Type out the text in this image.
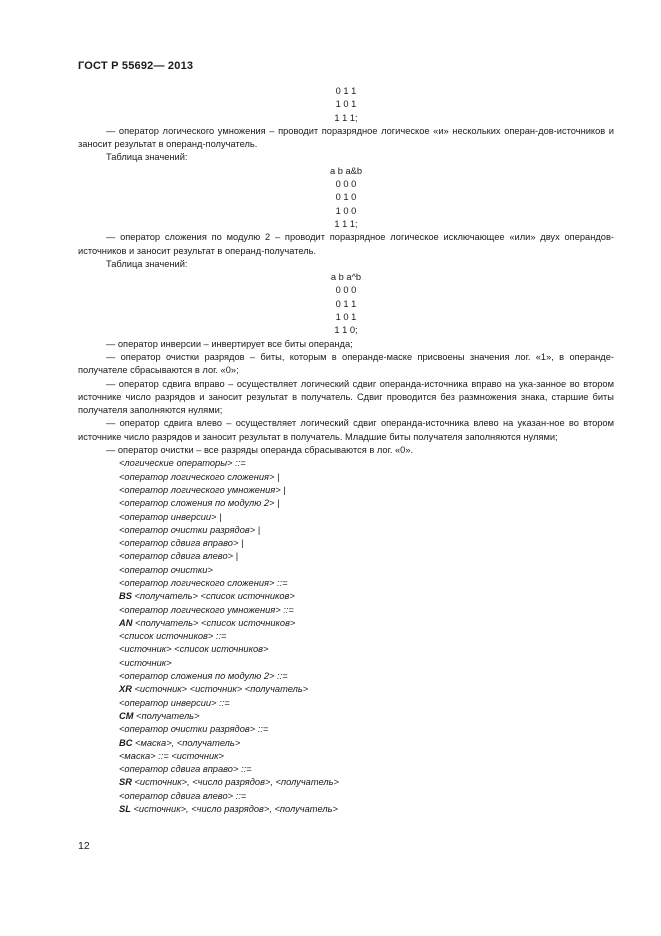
ГОСТ Р 55692— 2013
0 1 1
1 0 1
1 1 1;
— оператор логического умножения – проводит поразрядное логическое «и» нескольких операн-дов-источников и заносит результат в операнд-получатель.
Таблица значений:
a b a&b
0 0 0
0 1 0
1 0 0
1 1 1;
— оператор сложения по модулю 2 – проводит поразрядное логическое исключающее «или» двух операндов-источников и заносит результат в операнд-получатель.
Таблица значений:
a b a^b
0 0 0
0 1 1
1 0 1
1 1 0;
— оператор инверсии – инвертирует все биты операнда;
— оператор очистки разрядов – биты, которым в операнде-маске присвоены значения лог. «1», в операнде-получателе сбрасываются в лог. «0»;
— оператор сдвига вправо – осуществляет логический сдвиг операнда-источника вправо на ука-занное во втором источнике число разрядов и заносит результат в получатель. Сдвиг проводится без размножения знака, старшие биты получателя заполняются нулями;
— оператор сдвига влево – осуществляет логический сдвиг операнда-источника влево на указан-ное во втором источнике число разрядов и заносит результат в получатель. Младшие биты получателя заполняются нулями;
— оператор очистки – все разряды операнда сбрасываются в лог. «0».
<логические операторы> ::=
<оператор логического сложения> |
<оператор логического умножения> |
<оператор сложения по модулю 2> |
<оператор инверсии> |
<оператор очистки разрядов> |
<оператор сдвига вправо> |
<оператор сдвига влево> |
<оператор очистки>
<оператор логического сложения> ::=
BS <получатель> <список источников>
<оператор логического умножения> ::=
AN <получатель> <список источников>
<список источников> ::=
<источник> <список источников>
<источник>
<оператор сложения по модулю 2> ::=
XR <источник> <источник> <получатель>
<оператор инверсии> ::=
CM <получатель>
<оператор очистки разрядов> ::=
BC <маска>, <получатель>
<маска> ::= <источник>
<оператор сдвига вправо> ::=
SR <источник>, <число разрядов>, <получатель>
<оператор сдвига влево> ::=
SL <источник>, <число разрядов>, <получатель>
12
